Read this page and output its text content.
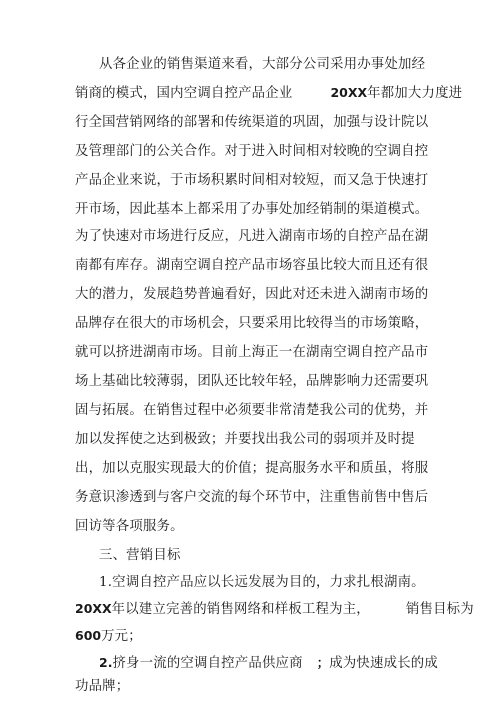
从各企业的销售渠道来看，大部分公司采用办事处加经
销商的模式，国内空调自控产品企业	20XX年都加大力度进
行全国营销网络的部署和传统渠道的巩固，加强与设计院以
及管理部门的公关合作。对于进入时间相对较晚的空调自控
产品企业来说，于市场积累时间相对较短，而又急于快速打
开市场，因此基本上都采用了办事处加经销制的渠道模式。
为了快速对市场进行反应，凡进入湖南市场的自控产品在湖
南都有库存。湖南空调自控产品市场容虽比较大而且还有很
大的潜力，发展趋势普遍看好，因此对还未进入湖南市场的
品牌存在很大的市场机会，只要采用比较得当的市场策略，
就可以挤进湖南市场。目前上海正一在湖南空调自控产品市
场上基础比较薄弱，团队还比较年轻，品牌影响力还需要巩
固与拓展。在销售过程中必须要非常清楚我公司的优势，并
加以发挥使之达到极致；并要找出我公司的弱项并及时提
出，加以克服实现最大的价值；提高服务水平和质虽，将服
务意识渗透到与客户交流的每个环节中，注重售前售中售后
回访等各项服务。
三、营销目标
1.空调自控产品应以长远发展为目的，力求扎根湖南。
20XX年以建立完善的销售网络和样板工程为主，	销售目标为
600万元；
2.挤身一流的空调自控产品供应商 ；成为快速成长的成
功品牌；
